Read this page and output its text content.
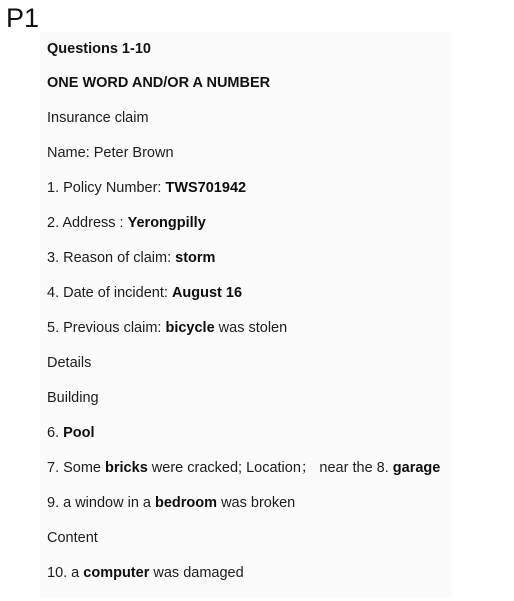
P1
Questions 1-10
ONE WORD AND/OR A NUMBER
Insurance claim
Name: Peter Brown
1. Policy Number: TWS701942
2. Address : Yerongpilly
3. Reason of claim: storm
4. Date of incident: August 16
5. Previous claim: bicycle was stolen
Details
Building
6. Pool
7. Some bricks were cracked; Location； near the 8. garage
9. a window in a bedroom was broken
Content
10. a computer was damaged
